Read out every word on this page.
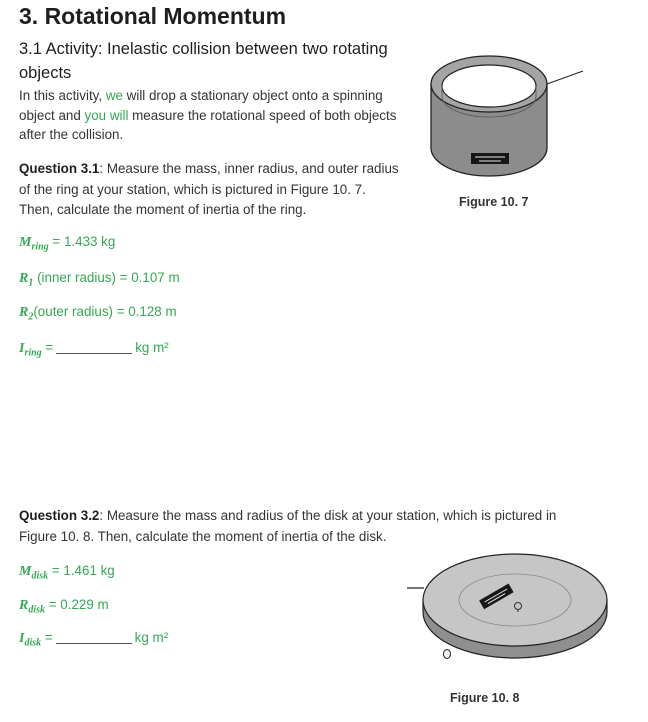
3. Rotational Momentum
3.1 Activity: Inelastic collision between two rotating
objects
In this activity, we will drop a stationary object onto a spinning
object and you will measure the rotational speed of both objects
after the collision.
Question 3.1: Measure the mass, inner radius, and outer radius
of the ring at your station, which is pictured in Figure 10. 7.
Then, calculate the moment of inertia of the ring.
$M_{ring} = 1.433$ kg
$R_1$ (inner radius) = 0.107 m
$R_2(outer$ radius) = 0.128 m
$I_{ring}$ =	kg m²
Figure 10. 7
Question 3.2: Measure the mass and radius of the disk at your station, which is pictured in
Figure 10. 8. Then, calculate the moment of inertia of the disk.
$M_{disk} = 1.461$ kg
$R_{disk} = 0.229$ m
$I_{disk}$ =	kg m²
Figure 10. 8
